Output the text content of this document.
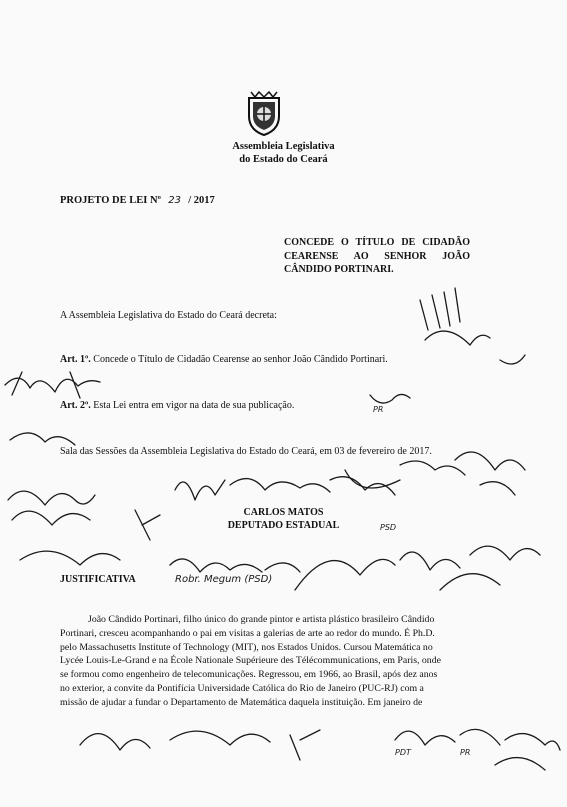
Assembleia Legislativa
do Estado do Ceará
PROJETO DE LEI Nº 23 / 2017
CONCEDE O TÍTULO DE CIDADÃO CEARENSE AO SENHOR JOÃO CÂNDIDO PORTINARI.
A Assembleia Legislativa do Estado do Ceará decreta:
Art. 1º. Concede o Título de Cidadão Cearense ao senhor João Cândido Portinari.
Art. 2º. Esta Lei entra em vigor na data de sua publicação.
Sala das Sessões da Assembleia Legislativa do Estado do Ceará, em 03 de fevereiro de 2017.
CARLOS MATOS
DEPUTADO ESTADUAL
JUSTIFICATIVA
João Cândido Portinari, filho único do grande pintor e artista plástico brasileiro Cândido
Portinari, cresceu acompanhando o pai em visitas a galerias de arte ao redor do mundo. É Ph.D.
pelo Massachusetts Institute of Technology (MIT), nos Estados Unidos. Cursou Matemática no
Lycée Louis-Le-Grand e na École Nationale Supérieure des Télécommunications, em Paris, onde
se formou como engenheiro de telecomunicações. Regressou, em 1966, ao Brasil, após dez anos
no exterior, a convite da Pontifícia Universidade Católica do Rio de Janeiro (PUC-RJ) com a
missão de ajudar a fundar o Departamento de Matemática daquela instituição. Em janeiro de
Robr. Megum (PSD)
PR
PSD
PDT	PR
